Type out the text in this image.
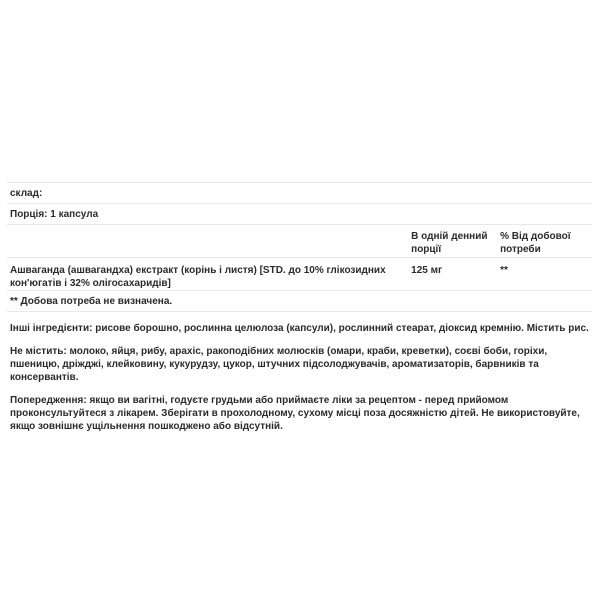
склад:
Порція: 1 капсула
В одній денний порції
% Від добової потреби
Ашваганда (ашвагандха) екстракт (корінь і листя) [STD. до 10% глікозидних кон'югатів і 32% олігосахаридів]
125 мг	**
** Добова потреба не визначена.

Інші інгредієнти: рисове борошно, рослинна целюлоза (капсули), рослинний стеарат, діоксид кремнію. Містить рис.

Не містить: молоко, яйця, рибу, арахіс, ракоподібних молюсків (омари, краби, креветки), соєві боби, горіхи, пшеницю, дріжджі, клейковину, кукурудзу, цукор, штучних підсолоджувачів, ароматизаторів, барвників та консервантів.

Попередження: якщо ви вагітні, годуєте грудьми або приймаєте ліки за рецептом - перед прийомом проконсультуйтеся з лікарем. Зберігати в прохолодному, сухому місці поза досяжністю дітей. Не використовуйте, якщо зовнішнє ущільнення пошкоджено або відсутній.
